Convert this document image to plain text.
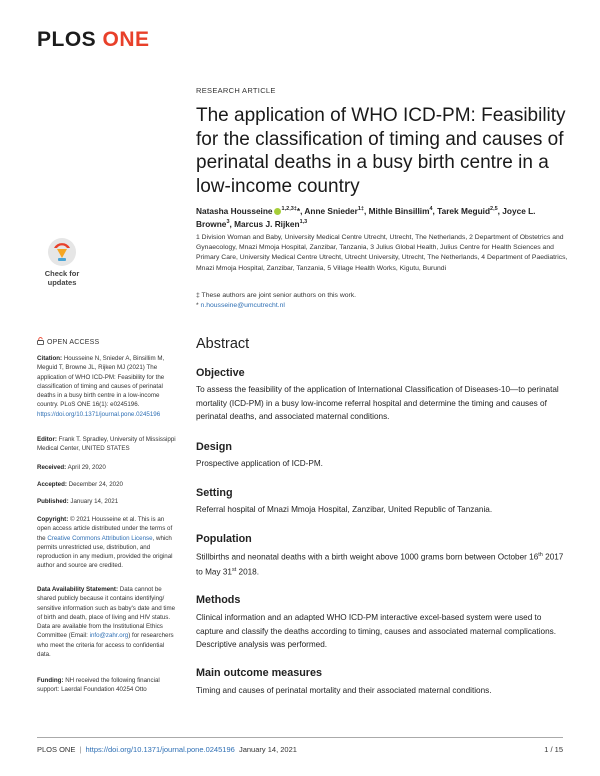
PLOS ONE
RESEARCH ARTICLE
The application of WHO ICD-PM: Feasibility for the classification of timing and causes of perinatal deaths in a busy birth centre in a low-income country
Natasha Housseine $^{1,2,3\ddagger}$*, Anne Snieder$^{1\ddagger}$, Mithle Binsillim$^4$, Tarek Meguid$^{2,5}$, Joyce L. Browne$^3$, Marcus J. Rijken$^{1,3}$
1 Division Woman and Baby, University Medical Centre Utrecht, Utrecht, The Netherlands, 2 Department of Obstetrics and Gynaecology, Mnazi Mmoja Hospital, Zanzibar, Tanzania, 3 Julius Global Health, Julius Centre for Health Sciences and Primary Care, University Medical Centre Utrecht, Utrecht University, Utrecht, The Netherlands, 4 Department of Paediatrics, Mnazi Mmoja Hospital, Zanzibar, Tanzania, 5 Village Health Works, Kigutu, Burundi
‡ These authors are joint senior authors on this work.
* n.housseine@umcutrecht.nl
Check for
updates
OPEN ACCESS
Citation: Housseine N, Snieder A, Binsillim M, Meguid T, Browne JL, Rijken MJ (2021) The application of WHO ICD-PM: Feasibility for the classification of timing and causes of perinatal deaths in a busy birth centre in a low-income country. PLoS ONE 16(1): e0245196. https://doi.org/10.1371/journal.pone.0245196
Editor: Frank T. Spradley, University of Mississippi Medical Center, UNITED STATES
Received: April 29, 2020
Accepted: December 24, 2020
Published: January 14, 2021
Copyright: © 2021 Housseine et al. This is an open access article distributed under the terms of the Creative Commons Attribution License, which permits unrestricted use, distribution, and reproduction in any medium, provided the original author and source are credited.
Data Availability Statement: Data cannot be shared publicly because it contains identifying/ sensitive information such as baby's date and time of birth and death, place of living and HIV status. Data are available from the Institutional Ethics Committee (Email: info@zahr.org) for researchers who meet the criteria for access to confidential data.
Funding: NH received the following financial support: Laerdal Foundation 40254 Otto
Abstract
Objective
To assess the feasibility of the application of International Classification of Diseases-10—to perinatal mortality (ICD-PM) in a busy low-income referral hospital and determine the timing and causes of perinatal deaths, and associated maternal conditions.
Design
Prospective application of ICD-PM.
Setting
Referral hospital of Mnazi Mmoja Hospital, Zanzibar, United Republic of Tanzania.
Population
Stillbirths and neonatal deaths with a birth weight above 1000 grams born between October 16th 2017 to May 31st 2018.
Methods
Clinical information and an adapted WHO ICD-PM interactive excel-based system were used to capture and classify the deaths according to timing, causes and associated maternal complications. Descriptive analysis was performed.
Main outcome measures
Timing and causes of perinatal mortality and their associated maternal conditions.
PLOS ONE | https://doi.org/10.1371/journal.pone.0245196 January 14, 2021	1 / 15
